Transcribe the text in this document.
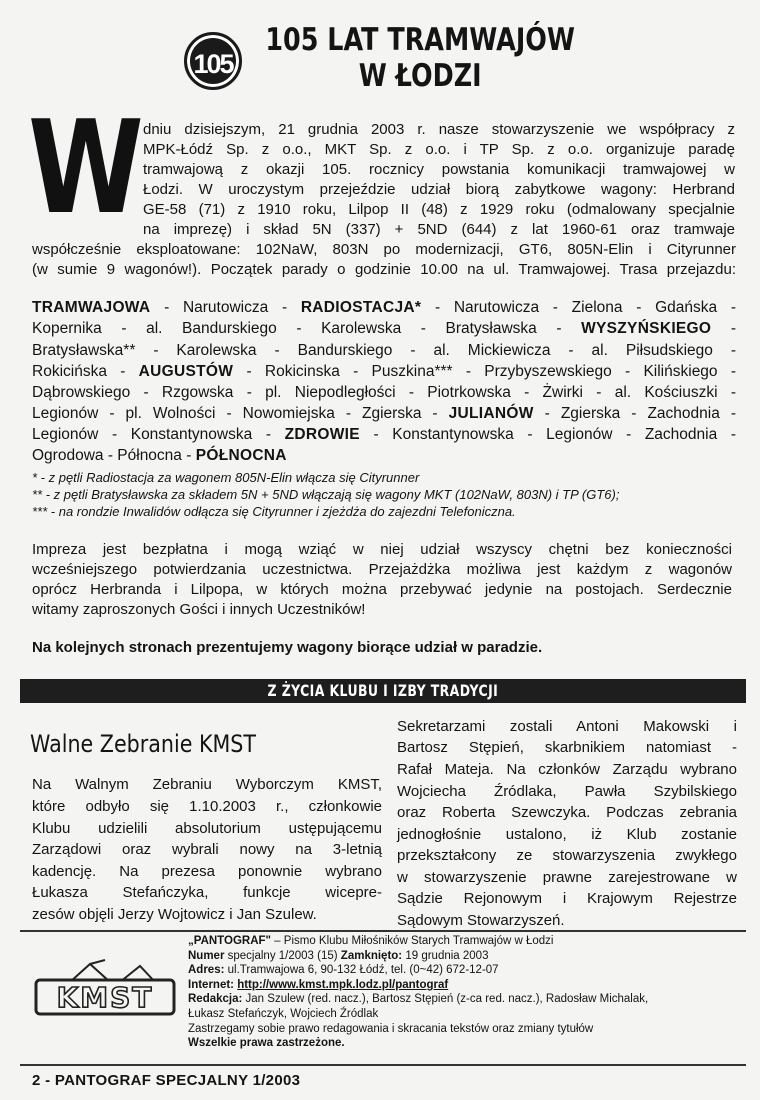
105
105 LAT TRAMWAJÓW
W ŁODZI
W dniu dzisiejszym, 21 grudnia 2003 r. nasze stowarzyszenie we współpracy z
MPK-Łódź Sp. z o.o., MKT Sp. z o.o. i TP Sp. z o.o. organizuje paradę
tramwajową z okazji 105. rocznicy powstania komunikacji tramwajowej w
Łodzi. W uroczystym przejeździe udział biorą zabytkowe wagony: Herbrand
GE-58 (71) z 1910 roku, Lilpop II (48) z 1929 roku (odmalowany specjalnie
na imprezę) i skład 5N (337) + 5ND (644) z lat 1960-61 oraz tramwaje
współcześnie eksploatowane: 102NaW, 803N po modernizacji, GT6, 805N-Elin i Cityrunner
(w sumie 9 wagonów!). Początek parady o godzinie 10.00 na ul. Tramwajowej. Trasa przejazdu:
TRAMWAJOWA - Narutowicza - RADIOSTACJA* - Narutowicza - Zielona - Gdańska -
Kopernika - al. Bandurskiego - Karolewska - Bratysławska - WYSZYŃSKIEGO -
Bratysławska** - Karolewska - Bandurskiego - al. Mickiewicza - al. Piłsudskiego -
Rokicińska - AUGUSTÓW - Rokicinska - Puszkina*** - Przybyszewskiego - Kilińskiego -
Dąbrowskiego - Rzgowska - pl. Niepodległości - Piotrkowska - Żwirki - al. Kościuszki -
Legionów - pl. Wolności - Nowomiejska - Zgierska - JULIANÓW - Zgierska - Zachodnia -
Legionów - Konstantynowska - ZDROWIE - Konstantynowska - Legionów - Zachodnia -
Ogrodowa - Północna - PÓŁNOCNA
* - z pętli Radiostacja za wagonem 805N-Elin włącza się Cityrunner
** - z pętli Bratysławska za składem 5N + 5ND włączają się wagony MKT (102NaW, 803N) i TP (GT6);
*** - na rondzie Inwalidów odłącza się Cityrunner i zjeżdża do zajezdni Telefoniczna.
Impreza jest bezpłatna i mogą wziąć w niej udział wszyscy chętni bez konieczności
wcześniejszego potwierdzania uczestnictwa. Przejażdżka możliwa jest każdym z wagonów
oprócz Herbranda i Lilpopa, w których można przebywać jedynie na postojach. Serdecznie
witamy zaproszonych Gości i innych Uczestników!
Na kolejnych stronach prezentujemy wagony biorące udział w paradzie.
Z ŻYCIA KLUBU I IZBY TRADYCJI
Walne Zebranie KMST
Na Walnym Zebraniu Wyborczym KMST,
które odbyło się 1.10.2003 r., członkowie
Klubu udzielili absolutorium ustępującemu
Zarządowi oraz wybrali nowy na 3-letnią
kadencję. Na prezesa ponownie wybrano
Łukasza Stefańczyka, funkcje wicepre-
zesów objęli Jerzy Wojtowicz i Jan Szulew.
Sekretarzami zostali Antoni Makowski i
Bartosz Stępień, skarbnikiem natomiast -
Rafał Mateja. Na członków Zarządu wybrano
Wojciecha Źródlaka, Pawła Szybilskiego
oraz Roberta Szewczyka. Podczas zebrania
jednogłośnie ustalono, iż Klub zostanie
przekształcony ze stowarzyszenia zwykłego
w stowarzyszenie prawne zarejestrowane w
Sądzie Rejonowym i Krajowym Rejestrze
Sądowym Stowarzyszeń.
KMST
„PANTOGRAF" – Pismo Klubu Miłośników Starych Tramwajów w Łodzi
Numer specjalny 1/2003 (15) Zamknięto: 19 grudnia 2003
Adres: ul.Tramwajowa 6, 90-132 Łódź, tel. (0~42) 672-12-07
Internet: http://www.kmst.mpk.lodz.pl/pantograf
Redakcja: Jan Szulew (red. nacz.), Bartosz Stępień (z-ca red. nacz.), Radosław Michalak,
Łukasz Stefańczyk, Wojciech Źródlak
Zastrzegamy sobie prawo redagowania i skracania tekstów oraz zmiany tytułów
Wszelkie prawa zastrzeżone.
2 - PANTOGRAF SPECJALNY 1/2003
